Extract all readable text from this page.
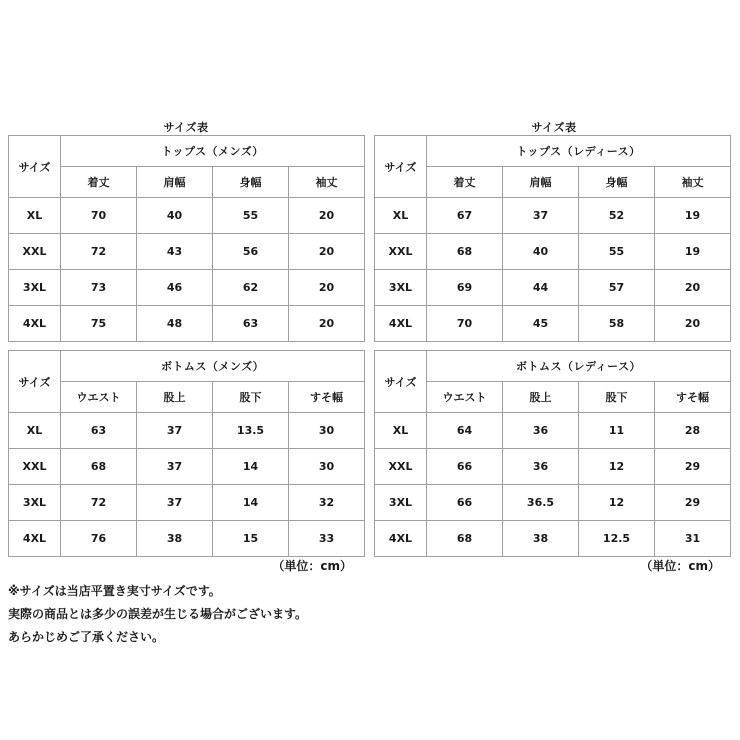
サイズ表	サイズ表
サイズ	トップス（メンズ）			
	着丈	肩幅	身幅	袖丈
XL	70	40	55	20
XXL	72	43	56	20
3XL	73	46	62	20
4XL	75	48	63	20
サイズ	トップス（レディース）			
	着丈	肩幅	身幅	袖丈
XL	67	37	52	19
XXL	68	40	55	19
3XL	69	44	57	20
4XL	70	45	58	20
サイズ	ボトムス（メンズ）			
	ウエスト	股上	股下	すそ幅
XL	63	37	13.5	30
XXL	68	37	14	30
3XL	72	37	14	32
4XL	76	38	15	33
サイズ	ボトムス（レディース）			
	ウエスト	股上	股下	すそ幅
XL	64	36	11	28
XXL	66	36	12	29
3XL	66	36.5	12	29
4XL	68	38	12.5	31
（単位：cm）	（単位：cm）
※サイズは当店平置き実寸サイズです。
実際の商品とは多少の誤差が生じる場合がございます。
あらかじめご了承ください。
